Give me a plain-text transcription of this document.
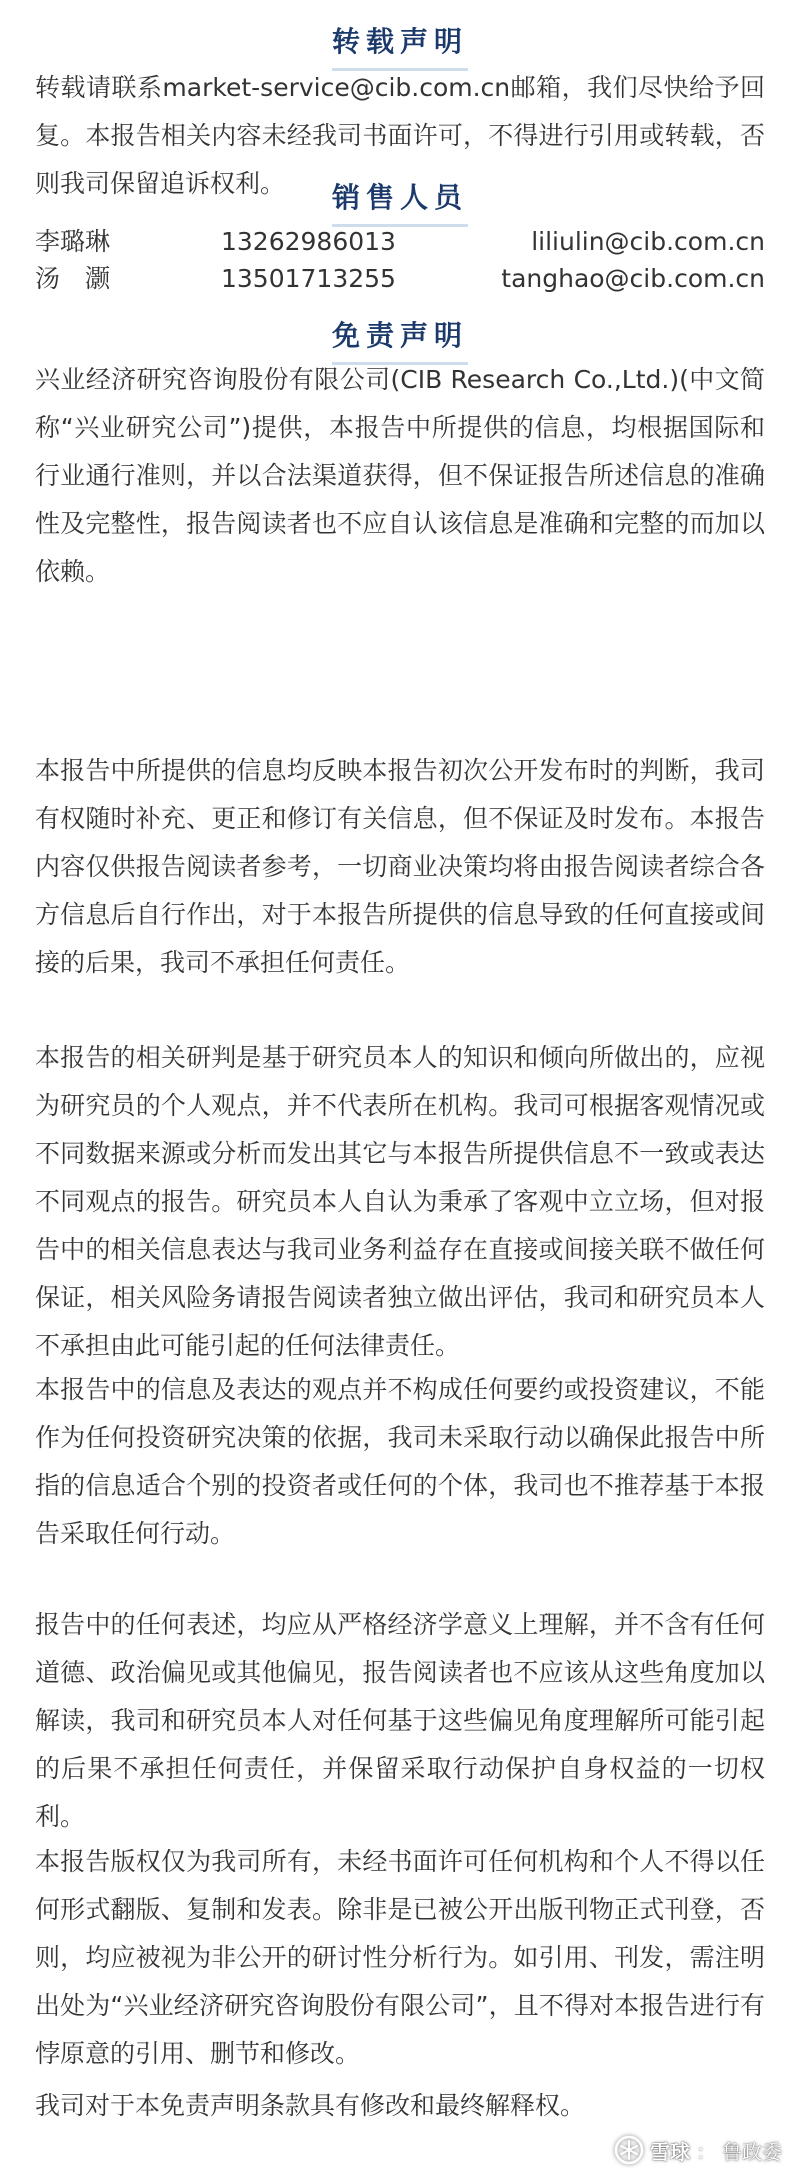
转载声明

转载请联系market-service@cib.com.cn邮箱，我们尽快给予回复。本报告相关内容未经我司书面许可，不得进行引用或转载，否则我司保留追诉权利。	销售人员
李璐琳	13262986013	liliulin@cib.com.cn
汤　灏	13501713255	tanghao@cib.com.cn
免责声明

兴业经济研究咨询股份有限公司(CIB Research Co.,Ltd.)(中文简称“兴业研究公司”)提供，本报告中所提供的信息，均根据国际和行业通行准则，并以合法渠道获得，但不保证报告所述信息的准确性及完整性，报告阅读者也不应自认该信息是准确和完整的而加以依赖。

本报告中所提供的信息均反映本报告初次公开发布时的判断，我司有权随时补充、更正和修订有关信息，但不保证及时发布。本报告内容仅供报告阅读者参考，一切商业决策均将由报告阅读者综合各方信息后自行作出，对于本报告所提供的信息导致的任何直接或间接的后果，我司不承担任何责任。

本报告的相关研判是基于研究员本人的知识和倾向所做出的，应视为研究员的个人观点，并不代表所在机构。我司可根据客观情况或不同数据来源或分析而发出其它与本报告所提供信息不一致或表达不同观点的报告。研究员本人自认为秉承了客观中立立场，但对报告中的相关信息表达与我司业务利益存在直接或间接关联不做任何保证，相关风险务请报告阅读者独立做出评估，我司和研究员本人不承担由此可能引起的任何法律责任。

本报告中的信息及表达的观点并不构成任何要约或投资建议，不能作为任何投资研究决策的依据，我司未采取行动以确保此报告中所指的信息适合个别的投资者或任何的个体，我司也不推荐基于本报告采取任何行动。

报告中的任何表述，均应从严格经济学意义上理解，并不含有任何道德、政治偏见或其他偏见，报告阅读者也不应该从这些角度加以解读，我司和研究员本人对任何基于这些偏见角度理解所可能引起的后果不承担任何责任，并保留采取行动保护自身权益的一切权利。

本报告版权仅为我司所有，未经书面许可任何机构和个人不得以任何形式翻版、复制和发表。除非是已被公开出版刊物正式刊登，否则，均应被视为非公开的研讨性分析行为。如引用、刊发，需注明出处为“兴业经济研究咨询股份有限公司”，且不得对本报告进行有悖原意的引用、删节和修改。

我司对于本免责声明条款具有修改和最终解释权。

雪球 ： 鲁政委
